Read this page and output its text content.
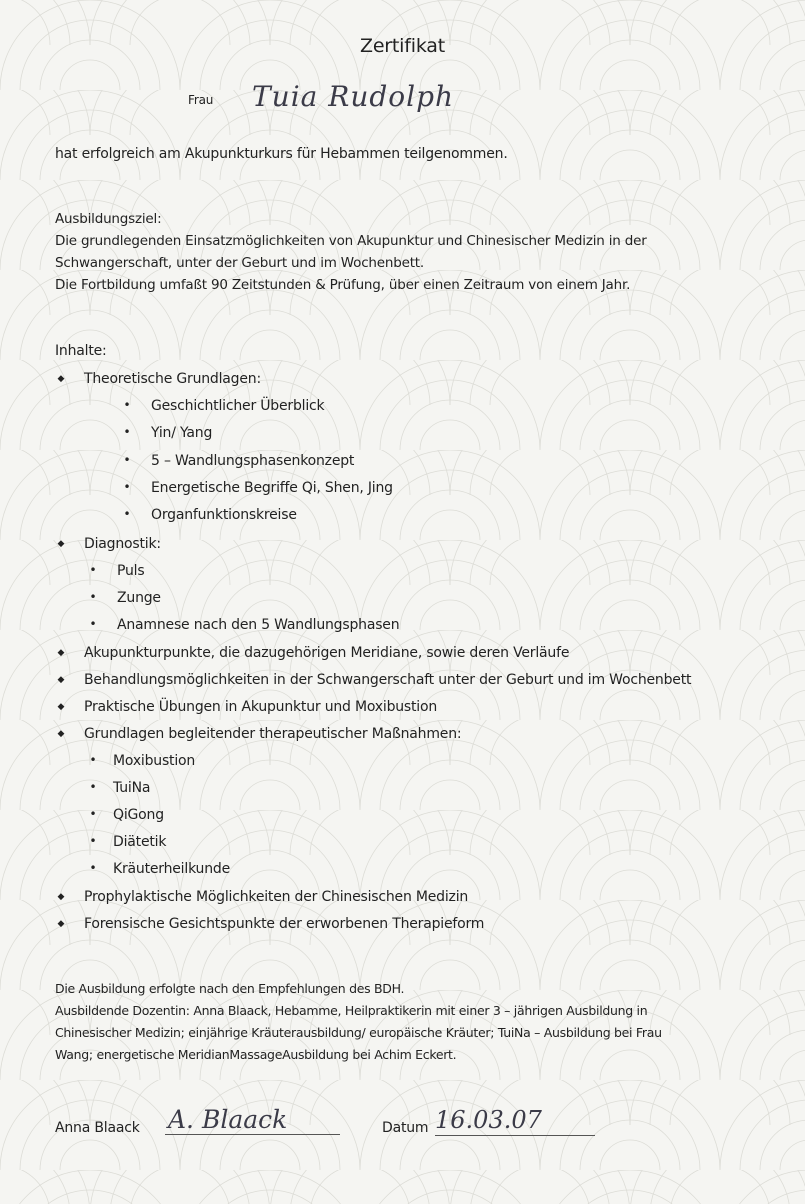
Zertifikat
Frau Tuia Rudolph
hat erfolgreich am Akupunkturkurs für Hebammen teilgenommen.
Ausbildungsziel:
Die grundlegenden Einsatzmöglichkeiten von Akupunktur und Chinesischer Medizin in der
Schwangerschaft, unter der Geburt und im Wochenbett.
Die Fortbildung umfaßt 90 Zeitstunden & Prüfung, über einen Zeitraum von einem Jahr.
Inhalte:
◆ Theoretische Grundlagen:
• Geschichtlicher Überblick
• Yin/ Yang
• 5 – Wandlungsphasenkonzept
• Energetische Begriffe Qi, Shen, Jing
• Organfunktionskreise
◆ Diagnostik:
• Puls
• Zunge
• Anamnese nach den 5 Wandlungsphasen
◆ Akupunkturpunkte, die dazugehörigen Meridiane, sowie deren Verläufe
◆ Behandlungsmöglichkeiten in der Schwangerschaft unter der Geburt und im Wochenbett
◆ Praktische Übungen in Akupunktur und Moxibustion
◆ Grundlagen begleitender therapeutischer Maßnahmen:
• Moxibustion
• TuiNa
• QiGong
• Diätetik
• Kräuterheilkunde
◆ Prophylaktische Möglichkeiten der Chinesischen Medizin
◆ Forensische Gesichtspunkte der erworbenen Therapieform
Die Ausbildung erfolgte nach den Empfehlungen des BDH.
Ausbildende Dozentin: Anna Blaack, Hebamme, Heilpraktikerin mit einer 3 – jährigen Ausbildung in
Chinesischer Medizin; einjährige Kräuterausbildung/ europäische Kräuter; TuiNa – Ausbildung bei Frau
Wang; energetische MeridianMassageAusbildung bei Achim Eckert.
Anna Blaack A. Blaack	Datum 16.03.07
